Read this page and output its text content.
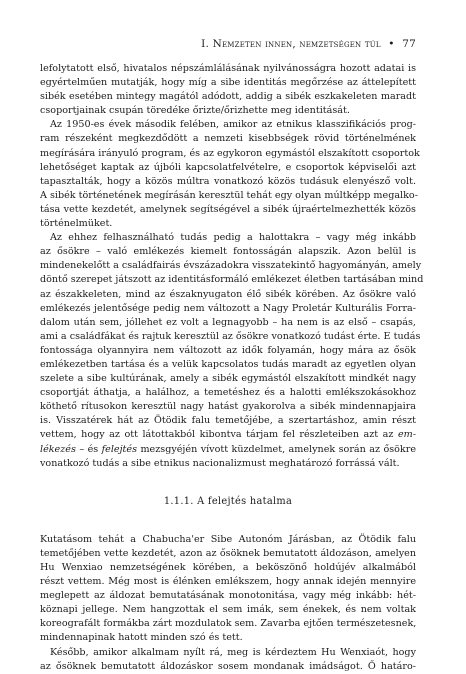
I. Nemzeten innen, nemzetségen túl • 77
lefolytatott első, hivatalos népszámlálásának nyilvánosságra hozott adatai is
egyértelműen mutatják, hogy míg a sibe identitás megőrzése az áttelepített
sibék esetében mintegy magától adódott, addig a sibék eszkakeleten maradt
csoportjainak csupán töredéke őrizte/őrizhette meg identitását.
Az 1950-es évek második felében, amikor az etnikus klasszifikációs prog-
ram részeként megkezdődött a nemzeti kisebbségek rövid történelmének
megírására irányuló program, és az egykoron egymástól elszakított csoportok
lehetőséget kaptak az újbóli kapcsolatfelvételre, e csoportok képviselői azt
tapasztalták, hogy a közös múltra vonatkozó közös tudásuk elenyésző volt.
A sibék történetének megírásán keresztül tehát egy olyan múltképp megalko-
tása vette kezdetét, amelynek segítségével a sibék újraértelmezhették közös
történelmüket.
Az ehhez felhasználható tudás pedig a halottakra – vagy még inkább
az ősökre – való emlékezés kiemelt fontosságán alapszik. Azon belül is
mindenekelőtt a családfairás évszázadokra visszatekintő hagyományán, amely
döntő szerepet játszott az identitásformáló emlékezet életben tartásában mind
az északkeleten, mind az északnyugaton élő sibék körében. Az ősökre való
emlékezés jelentősége pedig nem változott a Nagy Proletár Kulturális Forra-
dalom után sem, jóllehet ez volt a legnagyobb – ha nem is az első – csapás,
ami a családfákat és rajtuk keresztül az ősökre vonatkozó tudást érte. E tudás
fontossága olyannyira nem változott az idők folyamán, hogy mára az ősök
emlékezetben tartása és a velük kapcsolatos tudás maradt az egyetlen olyan
szelete a sibe kultúrának, amely a sibék egymástól elszakított mindkét nagy
csoportját áthatja, a halálhoz, a temetéshez és a halotti emlékszokásokhoz
köthető rítusokon keresztül nagy hatást gyakorolva a sibék mindennapjaira
is. Visszatérek hát az Ötödik falu temetőjébe, a szertartáshoz, amin részt
vettem, hogy az ott látottakból kibontva tárjam fel részleteiben azt az em-
lékezés – és felejtés mezsgyéjén vívott küzdelmet, amelynek során az ősökre
vonatkozó tudás a sibe etnikus nacionalizmust meghatározó forrássá vált.
1.1.1. A felejtés hatalma
Kutatásom tehát a Chabucha'er Sibe Autonóm Járásban, az Ötödik falu
temetőjében vette kezdetét, azon az ősöknek bemutatott áldozáson, amelyen
Hu Wenxiao nemzetségének körében, a beköszönő holdújév alkalmából
részt vettem. Még most is élénken emlékszem, hogy annak idején mennyire
meglepett az áldozat bemutatásának monotonitása, vagy még inkább: hét-
köznapi jellege. Nem hangzottak el sem imák, sem énekek, és nem voltak
koreografált formákba zárt mozdulatok sem. Zavarba ejtően természetesnek,
mindennapinak hatott minden szó és tett.
Később, amikor alkalmam nyílt rá, meg is kérdeztem Hu Wenxiaót, hogy
az ősöknek bemutatott áldozáskor sosem mondanak imádságot. Ő határo-
